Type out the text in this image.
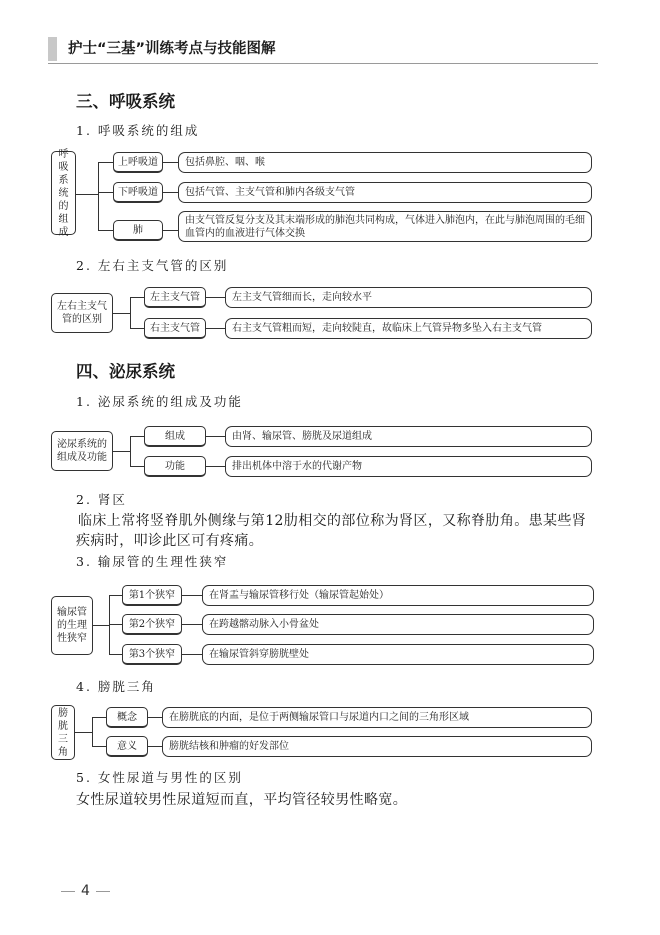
护士“三基”训练考点与技能图解
三、呼吸系统
1. 呼吸系统的组成
呼吸系统的组成
上呼吸道
下呼吸道
肺
包括鼻腔、咽、喉
包括气管、主支气管和肺内各级支气管
由支气管反复分支及其末端形成的肺泡共同构成，气体进入肺泡内，在此与肺泡周围的毛细血管内的血液进行气体交换
2. 左右主支气管的区别
左右主支气管的区别
左主支气管
右主支气管
左主支气管细而长，走向较水平
右主支气管粗而短，走向较陡直，故临床上气管异物多坠入右主支气管
四、泌尿系统
1. 泌尿系统的组成及功能
泌尿系统的组成及功能
组成
功能
由肾、输尿管、膀胱及尿道组成
排出机体中溶于水的代谢产物
2. 肾区
临床上常将竖脊肌外侧缘与第12肋相交的部位称为肾区，又称脊肋角。患某些肾疾病时，叩诊此区可有疼痛。
3. 输尿管的生理性狭窄
输尿管的生理性狭窄
第1个狭窄
第2个狭窄
第3个狭窄
在肾盂与输尿管移行处（输尿管起始处）
在跨越髂动脉入小骨盆处
在输尿管斜穿膀胱壁处
4. 膀胱三角
膀胱三角
概念
意义
在膀胱底的内面，是位于两侧输尿管口与尿道内口之间的三角形区域
膀胱结核和肿瘤的好发部位
5. 女性尿道与男性的区别
女性尿道较男性尿道短而直，平均管径较男性略宽。
4
